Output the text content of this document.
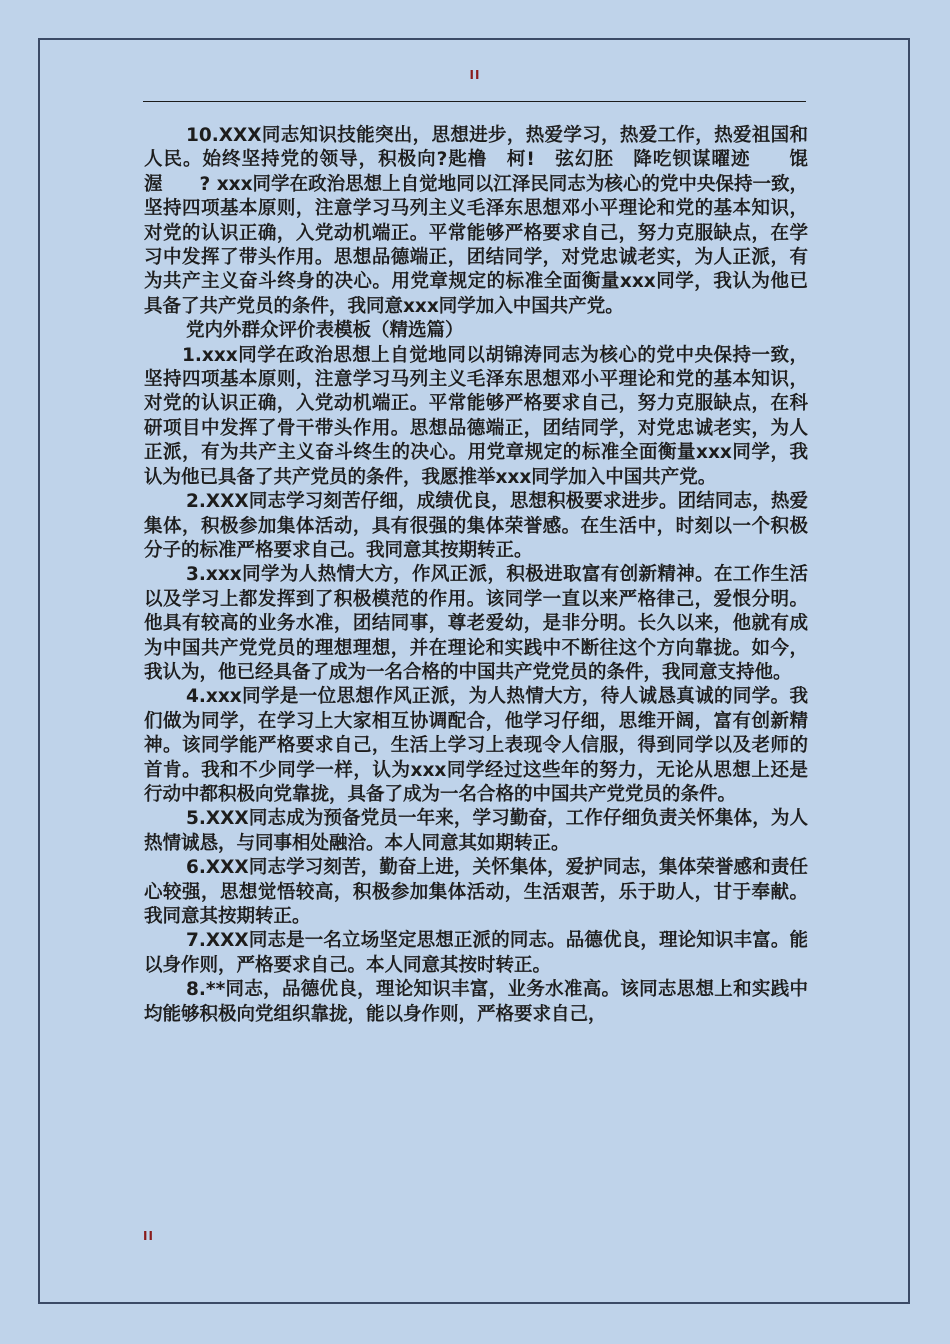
II

10.XXX同志知识技能突出，思想进步，热爱学习，热爱工作，热爱祖国和人民。始终坚持党的领导，积极向?匙橹　柯!　弦幻胚　降吃钡谋曜迹　　馄渥　　? xxx同学在政治思想上自觉地同以江泽民同志为核心的党中央保持一致，坚持四项基本原则，注意学习马列主义毛泽东思想邓小平理论和党的基本知识，对党的认识正确，入党动机端正。平常能够严格要求自己，努力克服缺点，在学习中发挥了带头作用。思想品德端正，团结同学，对党忠诚老实，为人正派，有为共产主义奋斗终身的决心。用党章规定的标准全面衡量xxx同学，我认为他已具备了共产党员的条件，我同意xxx同学加入中国共产党。

党内外群众评价表模板（精选篇）

1.xxx同学在政治思想上自觉地同以胡锦涛同志为核心的党中央保持一致，坚持四项基本原则，注意学习马列主义毛泽东思想邓小平理论和党的基本知识，对党的认识正确，入党动机端正。平常能够严格要求自己，努力克服缺点，在科研项目中发挥了骨干带头作用。思想品德端正，团结同学，对党忠诚老实，为人正派，有为共产主义奋斗终生的决心。用党章规定的标准全面衡量xxx同学，我认为他已具备了共产党员的条件，我愿推举xxx同学加入中国共产党。

2.XXX同志学习刻苦仔细，成绩优良，思想积极要求进步。团结同志，热爱集体，积极参加集体活动，具有很强的集体荣誉感。在生活中，时刻以一个积极分子的标准严格要求自己。我同意其按期转正。

3.xxx同学为人热情大方，作风正派，积极进取富有创新精神。在工作生活以及学习上都发挥到了积极模范的作用。该同学一直以来严格律己，爱恨分明。他具有较高的业务水准，团结同事，尊老爱幼，是非分明。长久以来，他就有成为中国共产党党员的理想理想，并在理论和实践中不断往这个方向靠拢。如今，我认为，他已经具备了成为一名合格的中国共产党党员的条件，我同意支持他。

4.xxx同学是一位思想作风正派，为人热情大方，待人诚恳真诚的同学。我们做为同学，在学习上大家相互协调配合，他学习仔细，思维开阔，富有创新精神。该同学能严格要求自己，生活上学习上表现令人信服，得到同学以及老师的首肯。我和不少同学一样，认为xxx同学经过这些年的努力，无论从思想上还是行动中都积极向党靠拢，具备了成为一名合格的中国共产党党员的条件。

5.XXX同志成为预备党员一年来，学习勤奋，工作仔细负责关怀集体，为人热情诚恳，与同事相处融洽。本人同意其如期转正。

6.XXX同志学习刻苦，勤奋上进，关怀集体，爱护同志，集体荣誉感和责任心较强，思想觉悟较高，积极参加集体活动，生活艰苦，乐于助人，甘于奉献。我同意其按期转正。

7.XXX同志是一名立场坚定思想正派的同志。品德优良，理论知识丰富。能以身作则，严格要求自己。本人同意其按时转正。

8.**同志，品德优良，理论知识丰富，业务水准高。该同志思想上和实践中均能够积极向党组织靠拢，能以身作则，严格要求自己，

II
